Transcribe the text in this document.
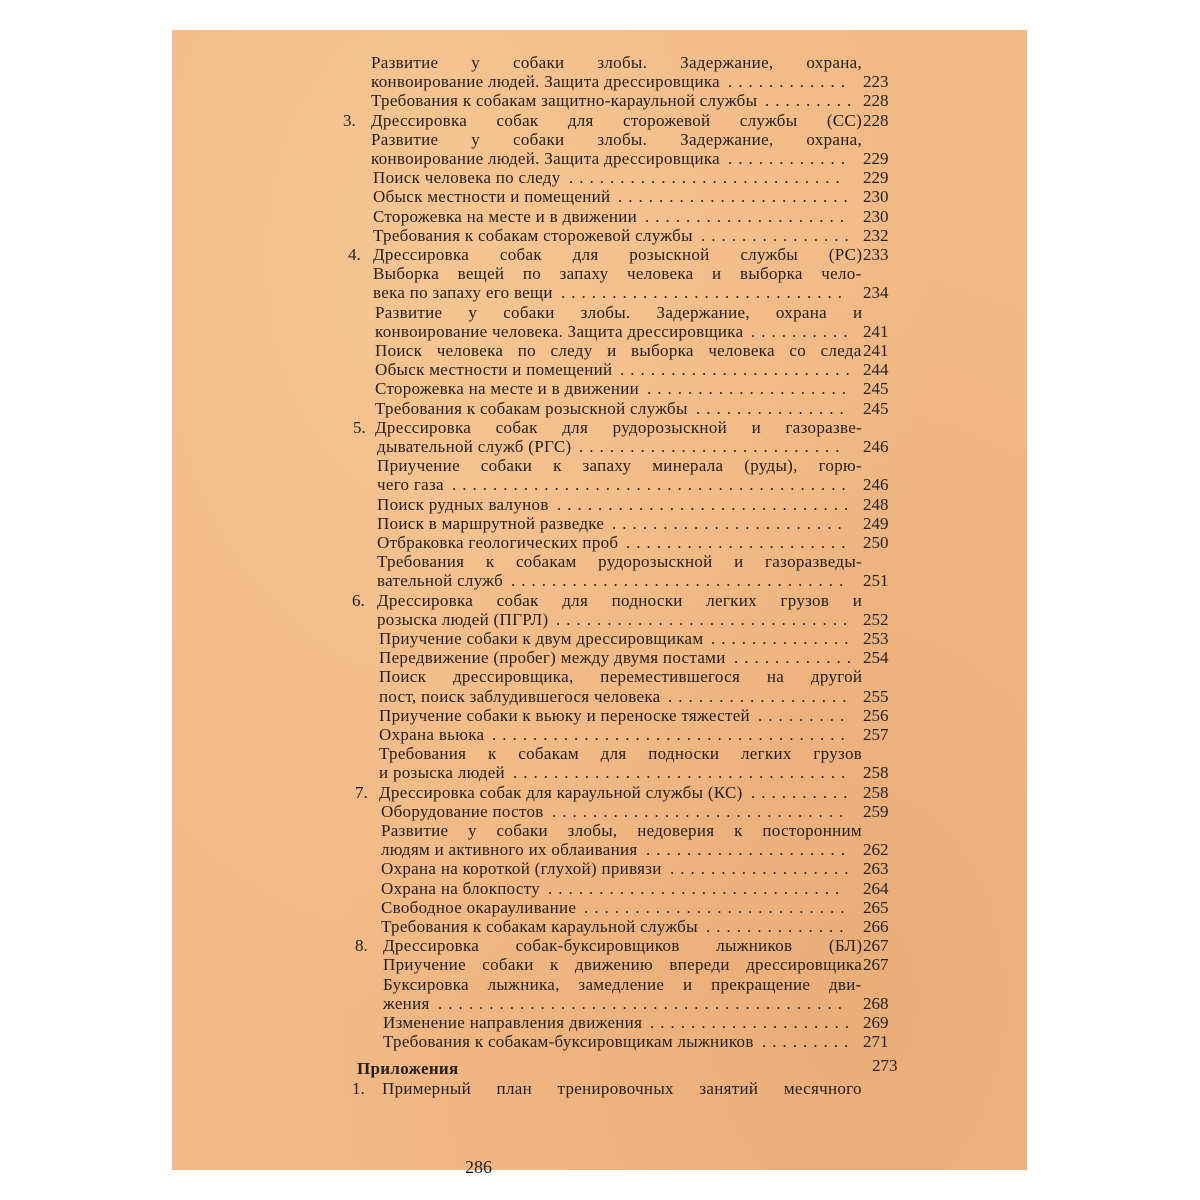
Развитие у собаки злобы. Задержание, охрана,
конвоирование людей. Защита дрессировщика ............ 223
Требования к собакам защитно-караульной службы ......... 228
3. Дрессировка собак для сторожевой службы (СС) 228
Развитие у собаки злобы. Задержание, охрана,
конвоирование людей. Защита дрессировщика ............ 229
Поиск человека по следу ...........................	229
Обыск местности и помещений ....................... 230
Сторожевка на месте и в движении .................... 230
Требования к собакам сторожевой службы ............... 232
4. Дрессировка собак для розыскной службы (РС) 233
Выборка вещей по запаху человека и выборка чело-
века по запаху его вещи ............................ 234
Развитие у собаки злобы. Задержание, охрана и
конвоирование человека. Защита дрессировщика .......... 241
Поиск человека по следу и выборка человека со следа 241
Обыск местности и помещений ....................... 244
Сторожевка на месте и в движении .................... 245
Требования к собакам розыскной службы ............... 245
5. Дрессировка собак для рудорозыскной и газоразве-
дывательной служб (РГС) ..........................	246
Приучение собаки к запаху минерала (руды), горю-
чего газа ....................................... 246
Поиск рудных валунов ............................. 248
Поиск в маршрутной разведке ....................... 249
Отбраковка геологических проб ...................... 250
Требования к собакам рудорозыскной и газоразведы-
вательной служб ................................. 251
6. Дрессировка собак для подноски легких грузов и
розыска людей (ПГРЛ) ............................. 252
Приучение собаки к двум дрессировщикам .............. 253
Передвижение (пробег) между двумя постами ............ 254
Поиск дрессировщика, переместившегося на другой
пост, поиск заблудившегося человека .................. 255
Приучение собаки к вьюку и переноске тяжестей ......... 256
Охрана вьюка ................................... 257
Требования к собакам для подноски легких грузов
и розыска людей ................................. 258
7. Дрессировка собак для караульной службы (КС) .......... 258
Оборудование постов ............................. 259
Развитие у собаки злобы, недоверия к посторонним
людям и активного их облаивания .................... 262
Охрана на короткой (глухой) привязи .................. 263
Охрана на блокпосту .............................	264
Свободное окарауливание .......................... 265
Требования к собакам караульной службы .............. 266
8. Дрессировка собак-буксировщиков лыжников (БЛ) 267
Приучение собаки к движению впереди дрессировщика 267
Буксировка лыжника, замедление и прекращение дви-
жения ........................................ 268
Изменение направления движения .................... 269
Требования к собакам-буксировщикам лыжников ......... 271
Приложения	273
1. Примерный план тренировочных занятий месячного
286
